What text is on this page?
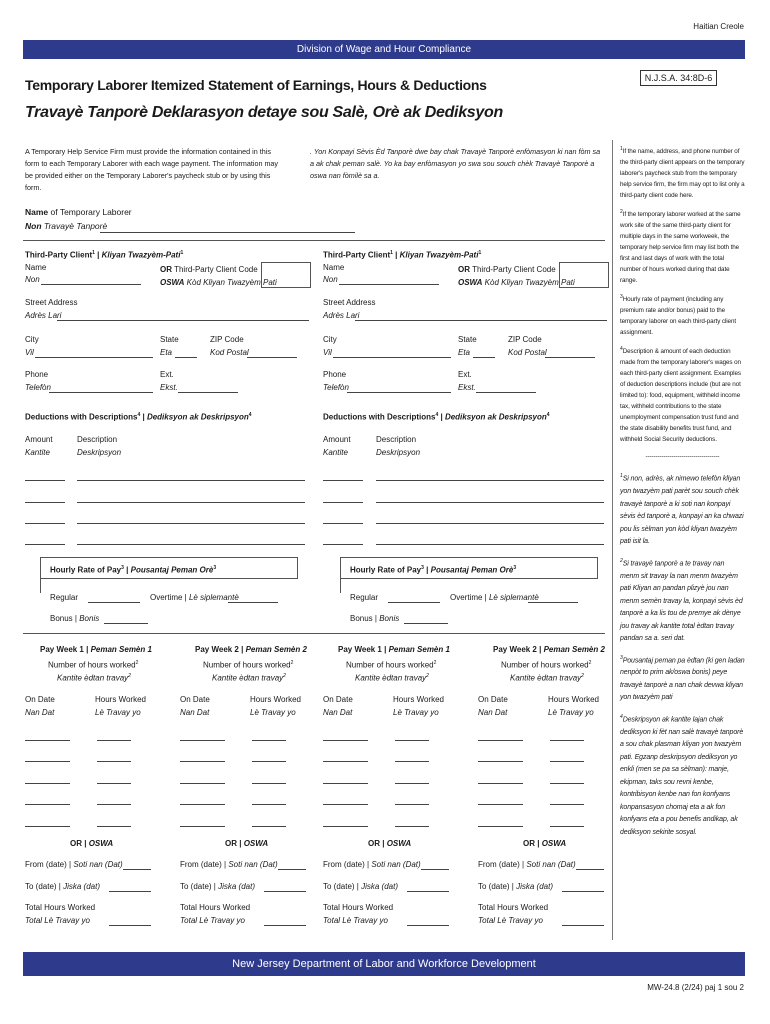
Haitian Creole
Division of Wage and Hour Compliance
Temporary Laborer Itemized Statement of Earnings, Hours & Deductions
Travayè Tanporè Deklarasyon detaye sou Salè, Orè ak Dediksyon
N.J.S.A. 34:8D-6
A Temporary Help Service Firm must provide the information contained in this form to each Temporary Laborer with each wage payment. The information may be provided either on the Temporary Laborer's paycheck stub or by using this form.
. Yon Konpayi Sèvis Èd Tanporè dwe bay chak Travayè Tanporè enfòmasyon ki nan fòm sa a ak chak peman salè. Yo ka bay enfòmasyon yo swa sou souch chèk Travayè Tanporè a oswa nan fòmilè sa a.
Name of Temporary Laborer
Non Travayè Tanporè
Third-Party Client$^1$ | Kliyan Twazyèm-Pati$^1$
Name
Non
OR Third-Party Client Code
OSWA Kòd Kliyan Twazyèm Pati
Street Address
Adrès Lari
City
Vil
State
Eta
ZIP Code
Kod Postal
Phone
Telefòn
Ext.
Ekst.
Third-Party Client$^1$ | Kliyan Twazyèm-Pati$^1$
Name
Non
OR Third-Party Client Code
OSWA Kòd Kliyan Twazyèm Pati
Street Address
Adrès Lari
City
Vil
State
Eta
ZIP Code
Kod Postal
Phone
Telefòn
Ext.
Ekst.
Deductions with Descriptions$^4$ | Dediksyon ak Deskripsyon$^4$
Amount
Kantite
Description
Deskripsyon
Deductions with Descriptions$^4$ | Dediksyon ak Deskripsyon$^4$
Amount
Kantite
Description
Deskripsyon
Hourly Rate of Pay$^3$ | Pousantaj Peman Orè$^3$
Regular	Overtime | Lè siplemantè
Bonus | Bonis
Hourly Rate of Pay$^3$ | Pousantaj Peman Orè$^3$
Regular	Overtime | Lè siplemantè
Bonus | Bonis
Pay Week 1 | Peman Semèn 1
Number of hours worked$^2$
Kantite èdtan travay$^2$
On Date
Nan Dat
Hours Worked
Lè Travay yo
OR | OSWA
From (date) | Soti nan (Dat)
To (date) | Jiska (dat)
Total Hours Worked
Total Lè Travay yo
Pay Week 2 | Peman Semèn 2
Number of hours worked$^2$
Kantite èdtan travay$^2$
On Date
Nan Dat
Hours Worked
Lè Travay yo
OR | OSWA
From (date) | Soti nan (Dat)
To (date) | Jiska (dat)
Total Hours Worked
Total Lè Travay yo
Pay Week 1 | Peman Semèn 1
Number of hours worked$^2$
Kantite èdtan travay$^2$
On Date
Nan Dat
Hours Worked
Lè Travay yo
OR | OSWA
From (date) | Soti nan (Dat)
To (date) | Jiska (dat)
Total Hours Worked
Total Lè Travay yo
Pay Week 2 | Peman Semèn 2
Number of hours worked$^2$
Kantite èdtan travay$^2$
On Date
Nan Dat
Hours Worked
Lè Travay yo
OR | OSWA
From (date) | Soti nan (Dat)
To (date) | Jiska (dat)
Total Hours Worked
Total Lè Travay yo
$^1$If the name, address, and phone number of the third-party client appears on the temporary laborer's paycheck stub from the temporary help service firm, the firm may opt to list only a third-party client code here.
$^2$If the temporary laborer worked at the same work site of the same third-party client for multiple days in the same workweek, the temporary help service firm may list both the first and last days of work with the total number of hours worked during that date range.
$^3$Hourly rate of payment (including any premium rate and/or bonus) paid to the temporary laborer on each third-party client assignment.
$^4$Description & amount of each deduction made from the temporary laborer's wages on each third-party client assignment. Examples of deduction descriptions include (but are not limited to): food, equipment, withheld income tax, withheld contributions to the state unemployment compensation trust fund and the state disability benefits trust fund, and withheld Social Security deductions.
-------------------------------------
$^1$Si non, adrès, ak nimewo telefòn kliyan yon twazyèm pati parèt sou souch chèk travayè tanporè a ki soti nan konpayi sèvis èd tanporè a, konpayi an ka chwazi pou lis sèlman yon kòd kliyan twazyèm pati isit la.
$^2$Si travayè tanporè a te travay nan menm sit travay la nan menm twazyèm pati Kliyan an pandan plizyè jou nan menm semèn travay la, konpayi sèvis èd tanporè a ka lis tou de premye ak dènye jou travay ak kantite total èdtan travay pandan sa a. seri dat.
$^3$Pousantaj peman pa èdtan (ki gen ladan nenpòt to prim ak/oswa bonis) peye travayè tanporè a nan chak devwa kliyan yon twazyèm pati
$^4$Deskripsyon ak kantite lajan chak dediksyon ki fèt nan salè travayè tanporè a sou chak plasman kliyan yon twazyèm pati. Egzanp deskripsyon dediksyon yo enkli (men se pa sa sèlman): manje, ekipman, taks sou revni kenbe, kontribisyon kenbe nan fon konfyans konpansasyon chomaj eta a ak fon konfyans eta a pou benefis andikap, ak dediksyon sekirite sosyal.
New Jersey Department of Labor and Workforce Development
MW-24.8 (2/24) paj 1 sou 2
